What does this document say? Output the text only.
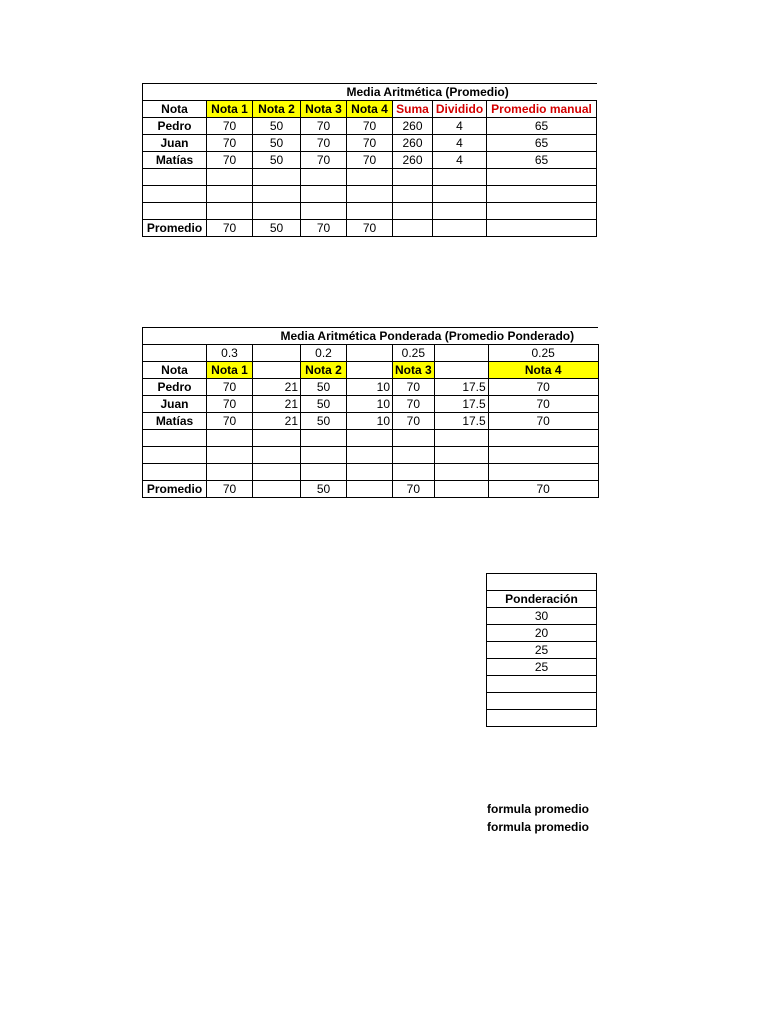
	Media Aritmética (Promedio)						
Nota	Nota 1	Nota 2	Nota 3	Nota 4	Suma	Dividido	Promedio manual
Pedro	70	50	70	70	260	4	65
Juan	70	50	70	70	260	4	65
Matías	70	50	70	70	260	4	65

Promedio	70	50	70	70			
	Media Aritmética Ponderada (Promedio Ponderado)						
	0.3		0.2		0.25		0.25
Nota	Nota 1		Nota 2		Nota 3		Nota 4
Pedro	70	21	50	10	70	17.5	70
Juan	70	21	50	10	70	17.5	70
Matías	70	21	50	10	70	17.5	70

Promedio	70		50		70		70

Ponderación
30
20
25
25

formula promedio
formula promedio
